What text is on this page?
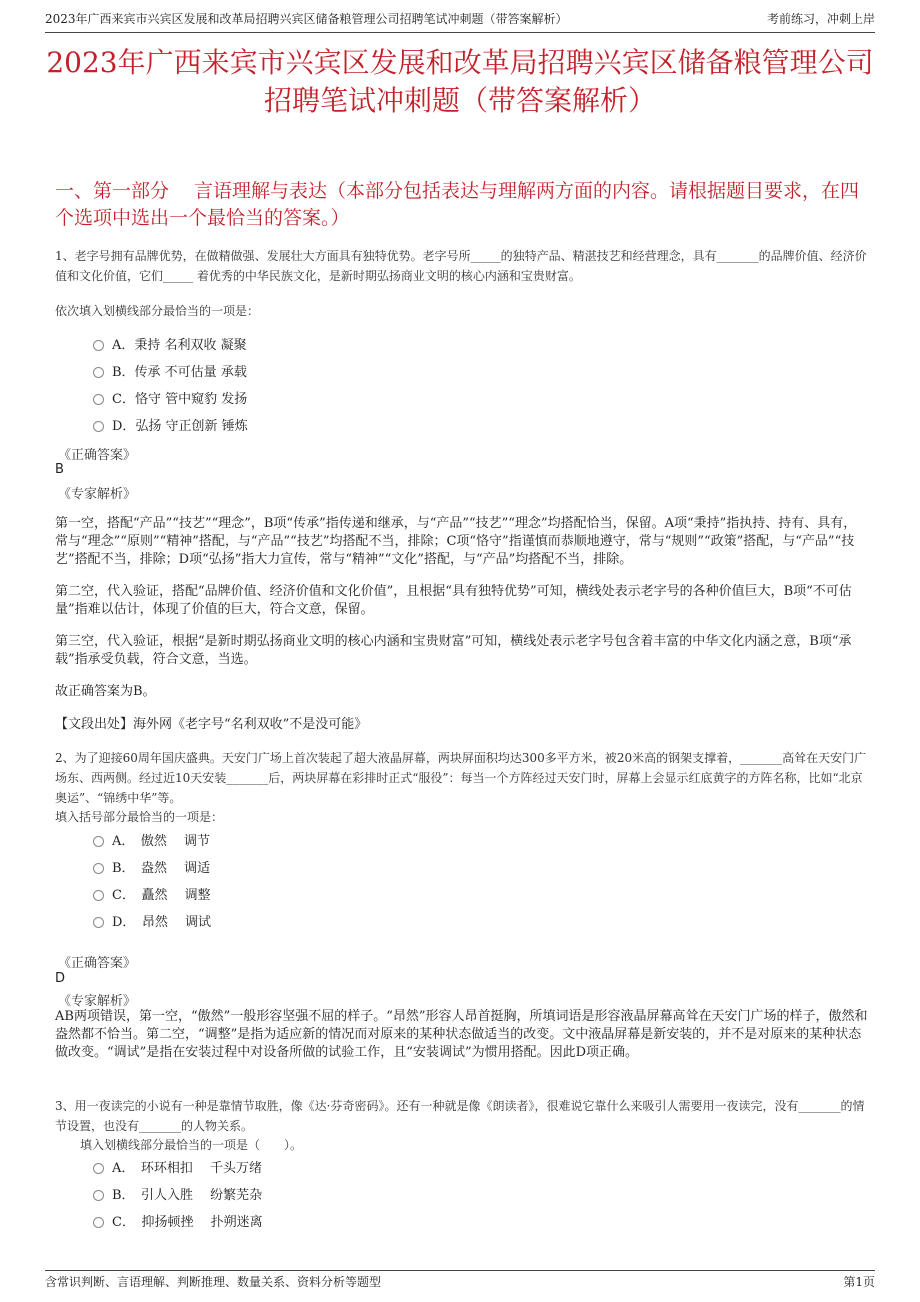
2023年广西来宾市兴宾区发展和改革局招聘兴宾区储备粮管理公司招聘笔试冲刺题（带答案解析）	考前练习，冲刺上岸
2023年广西来宾市兴宾区发展和改革局招聘兴宾区储备粮管理公司招聘笔试冲刺题（带答案解析）
一、第一部分　 言语理解与表达（本部分包括表达与理解两方面的内容。请根据题目要求，在四个选项中选出一个最恰当的答案。）
1、老字号拥有品牌优势，在做精做强、发展壮大方面具有独特优势。老字号所_____的独特产品、精湛技艺和经营理念，具有_______的品牌价值、经济价值和文化价值，它们_____ 着优秀的中华民族文化，是新时期弘扬商业文明的核心内涵和宝贵财富。
依次填入划横线部分最恰当的一项是：
A．秉持 名利双收 凝聚
B．传承 不可估量 承载
C．恪守 管中窥豹 发扬
D．弘扬 守正创新 锤炼
《正确答案》
B
《专家解析》
第一空，搭配“产品”“技艺”“理念”，B项“传承”指传递和继承，与“产品”“技艺”“理念”均搭配恰当，保留。A项“秉持”指执持、持有、具有，常与“理念”“原则”“精神”搭配，与“产品”“技艺”均搭配不当，排除；C项“恪守”指谨慎而恭顺地遵守，常与“规则”“政策”搭配，与“产品”“技艺”搭配不当，排除；D项“弘扬”指大力宣传，常与“精神”“文化”搭配，与“产品”均搭配不当，排除。
第二空，代入验证，搭配“品牌价值、经济价值和文化价值”，且根据“具有独特优势”可知，横线处表示老字号的各种价值巨大，B项“不可估量”指难以估计，体现了价值的巨大，符合文意，保留。
第三空，代入验证，根据“是新时期弘扬商业文明的核心内涵和宝贵财富”可知，横线处表示老字号包含着丰富的中华文化内涵之意，B项“承载”指承受负载，符合文意，当选。
故正确答案为B。
【文段出处】海外网《老字号“名利双收”不是没可能》
2、为了迎接60周年国庆盛典。天安门广场上首次装起了超大液晶屏幕，两块屏面积均达300多平方米，被20米高的钢架支撑着，_______高耸在天安门广场东、西两侧。经过近10天安装_______后，两块屏幕在彩排时正式“服役”：每当一个方阵经过天安门时，屏幕上会显示红底黄字的方阵名称，比如“北京奥运”、“锦绣中华”等。
填入括号部分最恰当的一项是：
A．　傲然　 调节
B．　盎然　 调适
C．　矗然　 调整
D．　昂然　 调试
《正确答案》
D
《专家解析》
AB两项错误，第一空，“傲然”一般形容坚强不屈的样子。“昂然”形容人昂首挺胸，所填词语是形容液晶屏幕高耸在天安门广场的样子，傲然和盎然都不恰当。第二空，“调整”是指为适应新的情况而对原来的某种状态做适当的改变。文中液晶屏幕是新安装的，并不是对原来的某种状态做改变。“调试”是指在安装过程中对设备所做的试验工作，且“安装调试”为惯用搭配。因此D项正确。
3、用一夜读完的小说有一种是靠情节取胜，像《达·芬奇密码》。还有一种就是像《朗读者》，很难说它靠什么来吸引人需要用一夜读完，没有_______的情节设置，也没有_______的人物关系。
填入划横线部分最恰当的一项是（　　）。
A．　环环相扣　 千头万绪
B．　引人入胜　 纷繁芜杂
C．　抑扬顿挫　 扑朔迷离
含常识判断、言语理解、判断推理、数量关系、资料分析等题型	第1页
